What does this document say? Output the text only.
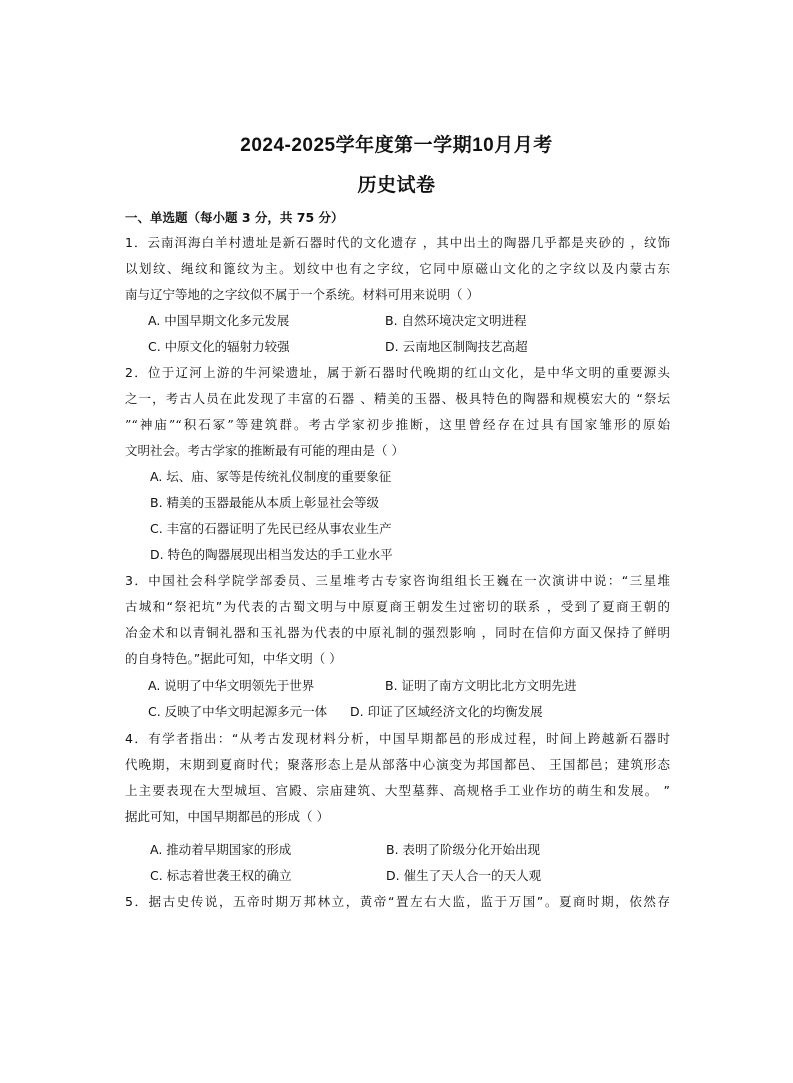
2024-2025学年度第一学期10月月考
历史试卷
一、单选题（每小题 3 分，共 75 分）
1．云南洱海白羊村遗址是新石器时代的文化遗存 ，其中出土的陶器几乎都是夹砂的 ，纹饰
以划纹、绳纹和篦纹为主。划纹中也有之字纹，它同中原磁山文化的之字纹以及内蒙古东
南与辽宁等地的之字纹似不属于一个系统。材料可用来说明（ ）
A. 中国早期文化多元发展	B. 自然环境决定文明进程
C. 中原文化的辐射力较强	D. 云南地区制陶技艺高超
2．位于辽河上游的牛河梁遗址，属于新石器时代晚期的红山文化，是中华文明的重要源头
之一，考古人员在此发现了丰富的石器 、精美的玉器、极具特色的陶器和规模宏大的 “祭坛
”“神庙”“积石冢”等建筑群。考古学家初步推断，这里曾经存在过具有国家雏形的原始
文明社会。考古学家的推断最有可能的理由是（ ）
A. 坛、庙、冢等是传统礼仪制度的重要象征
B. 精美的玉器最能从本质上彰显社会等级
C. 丰富的石器证明了先民已经从事农业生产
D. 特色的陶器展现出相当发达的手工业水平
3．中国社会科学院学部委员、三星堆考古专家咨询组组长王巍在一次演讲中说：“三星堆
古城和“祭祀坑”为代表的古蜀文明与中原夏商王朝发生过密切的联系 ，受到了夏商王朝的
冶金术和以青铜礼器和玉礼器为代表的中原礼制的强烈影响 ，同时在信仰方面又保持了鲜明
的自身特色。”据此可知，中华文明（ ）
A. 说明了中华文明领先于世界	B. 证明了南方文明比北方文明先进
C. 反映了中华文明起源多元一体 D. 印证了区域经济文化的均衡发展
4．有学者指出：“从考古发现材料分析，中国早期都邑的形成过程，时间上跨越新石器时
代晚期，末期到夏商时代；聚落形态上是从部落中心演变为邦国都邑、 王国都邑；建筑形态
上主要表现在大型城垣、宫殿、宗庙建筑、大型墓葬、高规格手工业作坊的萌生和发展。 ”
据此可知，中国早期都邑的形成（ ）
A. 推动着早期国家的形成	B. 表明了阶级分化开始出现
C. 标志着世袭王权的确立	D. 催生了天人合一的天人观
5．据古史传说，五帝时期万邦林立，黄帝“置左右大监，监于万国”。夏商时期，依然存
